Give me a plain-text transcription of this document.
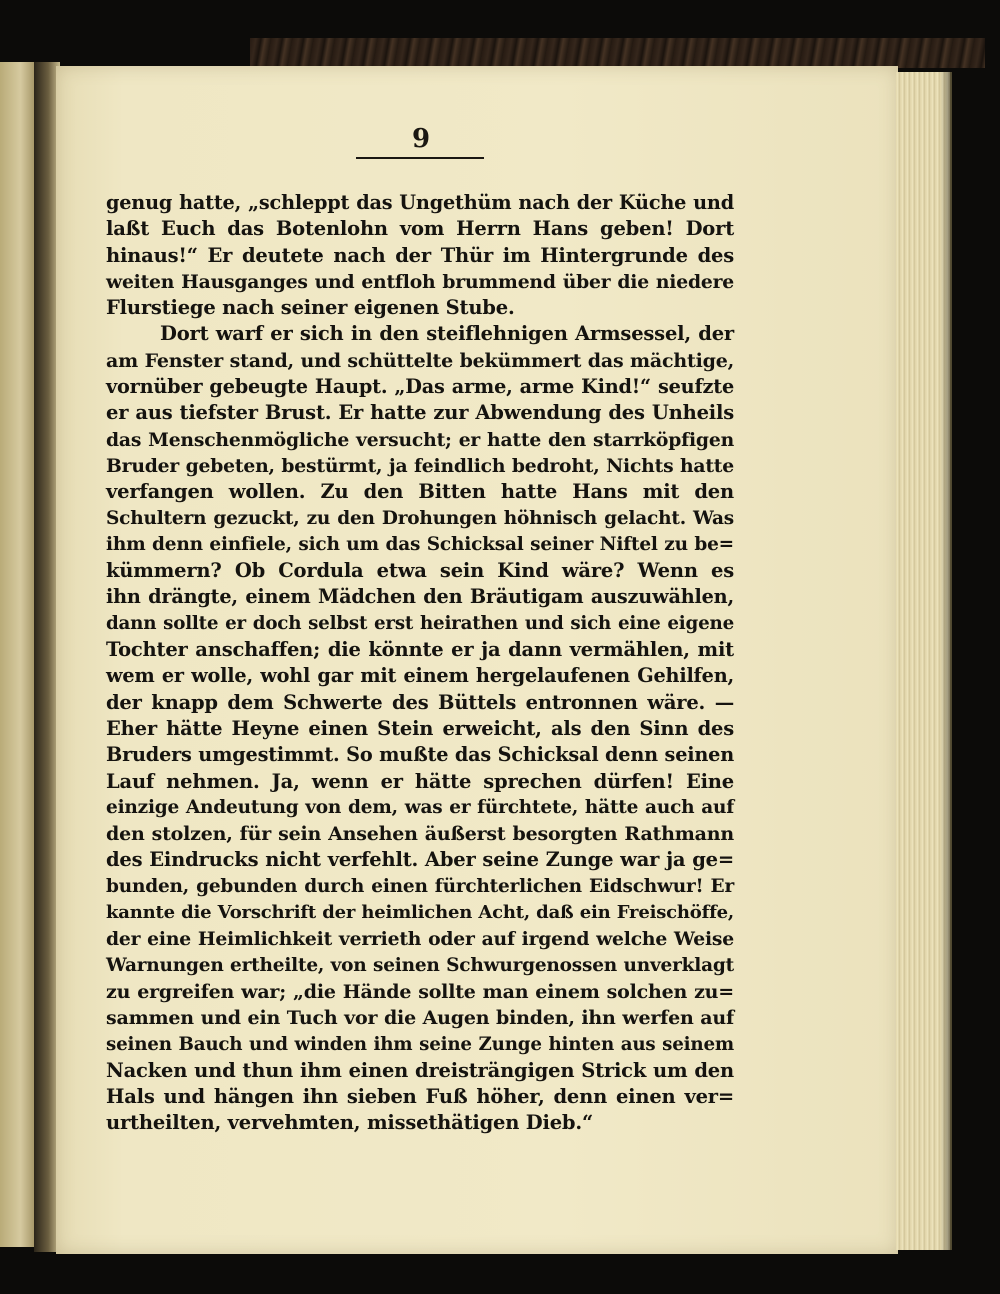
9
genug hatte, „schleppt das Ungethüm nach der Küche und
laßt Euch das Botenlohn vom Herrn Hans geben! Dort
hinaus!“ Er deutete nach der Thür im Hintergrunde des
weiten Hausganges und entfloh brummend über die niedere
Flurstiege nach seiner eigenen Stube.
Dort warf er sich in den steiflehnigen Armsessel, der
am Fenster stand, und schüttelte bekümmert das mächtige,
vornüber gebeugte Haupt. „Das arme, arme Kind!“ seufzte
er aus tiefster Brust. Er hatte zur Abwendung des Unheils
das Menschenmögliche versucht; er hatte den starrköpfigen
Bruder gebeten, bestürmt, ja feindlich bedroht, Nichts hatte
verfangen wollen. Zu den Bitten hatte Hans mit den
Schultern gezuckt, zu den Drohungen höhnisch gelacht. Was
ihm denn einfiele, sich um das Schicksal seiner Niftel zu be=
kümmern? Ob Cordula etwa sein Kind wäre? Wenn es
ihn drängte, einem Mädchen den Bräutigam auszuwählen,
dann sollte er doch selbst erst heirathen und sich eine eigene
Tochter anschaffen; die könnte er ja dann vermählen, mit
wem er wolle, wohl gar mit einem hergelaufenen Gehilfen,
der knapp dem Schwerte des Büttels entronnen wäre. —
Eher hätte Heyne einen Stein erweicht, als den Sinn des
Bruders umgestimmt. So mußte das Schicksal denn seinen
Lauf nehmen. Ja, wenn er hätte sprechen dürfen! Eine
einzige Andeutung von dem, was er fürchtete, hätte auch auf
den stolzen, für sein Ansehen äußerst besorgten Rathmann
des Eindrucks nicht verfehlt. Aber seine Zunge war ja ge=
bunden, gebunden durch einen fürchterlichen Eidschwur! Er
kannte die Vorschrift der heimlichen Acht, daß ein Freischöffe,
der eine Heimlichkeit verrieth oder auf irgend welche Weise
Warnungen ertheilte, von seinen Schwurgenossen unverklagt
zu ergreifen war; „die Hände sollte man einem solchen zu=
sammen und ein Tuch vor die Augen binden, ihn werfen auf
seinen Bauch und winden ihm seine Zunge hinten aus seinem
Nacken und thun ihm einen dreisträngigen Strick um den
Hals und hängen ihn sieben Fuß höher, denn einen ver=
urtheilten, vervehmten, missethätigen Dieb.“
